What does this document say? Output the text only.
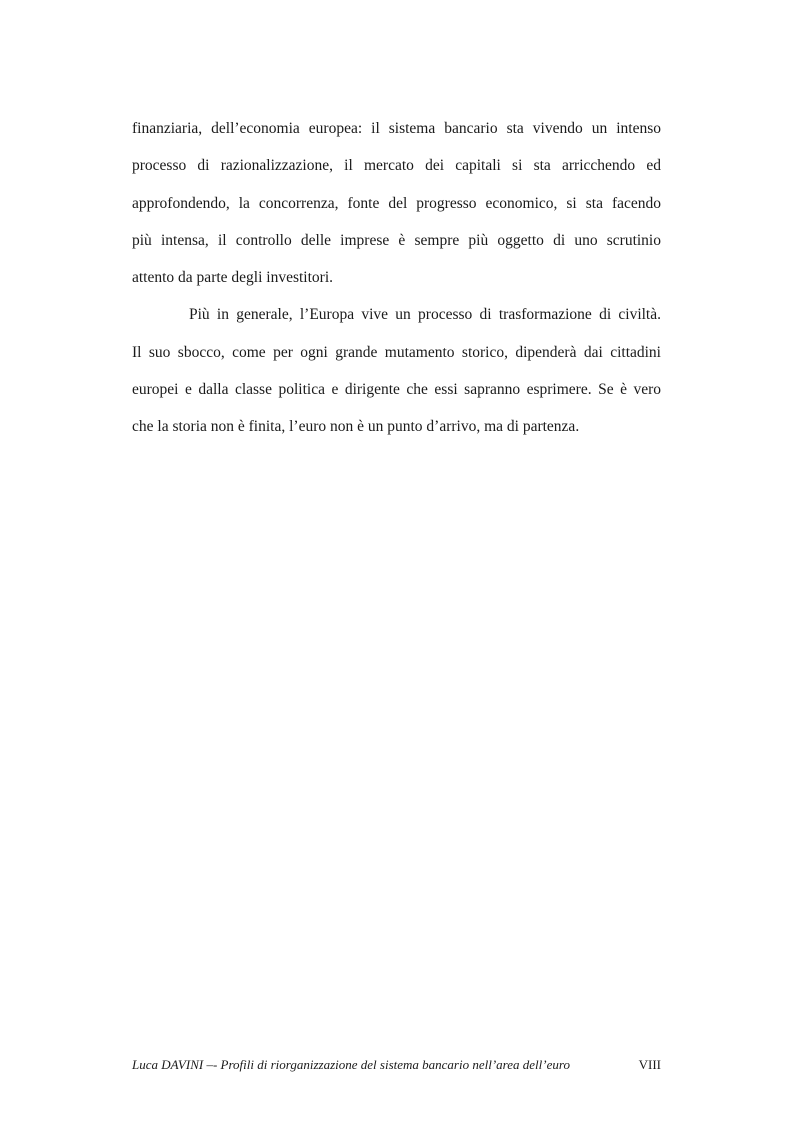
finanziaria, dell’economia europea: il sistema bancario sta vivendo un intenso
processo di razionalizzazione, il mercato dei capitali si sta arricchendo ed
approfondendo, la concorrenza, fonte del progresso economico, si sta facendo
più intensa, il controllo delle imprese è sempre più oggetto di uno scrutinio
attento da parte degli investitori.

Più in generale, l’Europa vive un processo di trasformazione di civiltà.
Il suo sbocco, come per ogni grande mutamento storico, dipenderà dai cittadini
europei e dalla classe politica e dirigente che essi sapranno esprimere. Se è vero
che la storia non è finita, l’euro non è un punto d’arrivo, ma di partenza.

Luca DAVINI –- Profili di riorganizzazione del sistema bancario nell’area dell’euro	VIII
